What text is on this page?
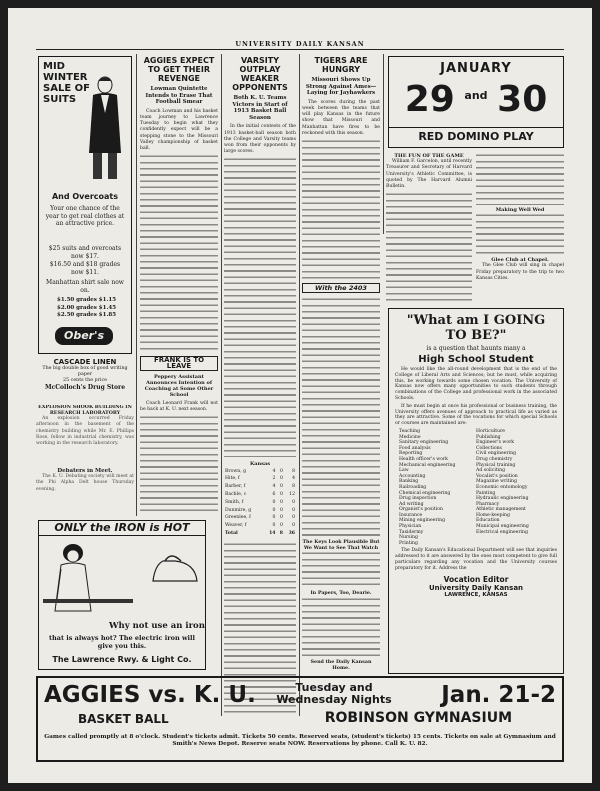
UNIVERSITY DAILY KANSAN
MID WINTER SALE OF SUITS
And Overcoats
Your one chance of the year to get real clothes at an attractive price.
$25 suits and overcoats now $17.
$16.50 and $18 grades now $11.
Manhattan shirt sale now on.
$1.50 grades $1.15
$2.00 grades $1.45
$2.50 grades $1.85
Ober's
CASCADE LINEN
The big double box of good writing paper
25 cents the price
McColloch's Drug Store
EXPLOSION SHOOK BUILDING IN RESEARCH LABORATORY

An explosion occurred Friday afternoon in the basement of the chemistry building while Mr. E. Phillips Rose, fellow in industrial chemistry, was working in the research laboratory.

Debaters in Meet.

The K. U. Debating society will meet at the Phi Alpha Delt house Thursday evening.

ONLY the IRON is HOT
Why not use an iron
that is always hot? The electric iron will give you this.
The Lawrence Rwy. & Light Co.
AGGIES EXPECT TO GET THEIR REVENGE
Lowman Quintette Intends to Erase That Football Smear

Coach Lowman and his basket team journey to Lawrence Tuesday to begin what they confidently expect will be a stepping stone to the Missouri Valley championship of basket ball.

FRANK IS TO LEAVE
Peppery Assistant Announces Intention of Coaching at Some Other School

Coach Leonard Frank will not be back at K. U. next season.

VARSITY OUTPLAY WEAKER OPPONENTS
Both K. U. Teams Victors in Start of 1913 Basket Ball Season

In the initial contests of the 1913 basket-ball season both the College and Varsity teams won from their opponents by large scores.

Kansas
Brown, g	4	0	8
Hite, f	2	0	4
Barber, f	4	0	8
Bachle, c	6	0	12
Smith, f	0	0	0
Dunmire, g	0	0	0
Greenlee, f	0	0	0
Weaver, f	0	0	0
Total	14	8	36
TIGERS ARE HUNGRY
Missouri Shows Up Strong Against Ames—Laying for Jayhawkers

The scores during the past week between the teams that will play Kansas in the future show that Missouri and Manhattan have fires to be reckoned with this season.

With the 2403
The Keys Look Plausible But We Want to See That Watch
In Papers, Too, Dearie.
Send the Daily Kansan Home.
JANUARY
29 $^{and}$ 30
RED DOMINO PLAY
THE FUN OF THE GAME

William F. Garcelon, until recently Treasurer and Secretary of Harvard University's Athletic Committee, is quoted by The Harvard Alumni Bulletin.

Making Well Wed
Glee Club at Chapel.

The Glee Club will sing in chapel Friday preparatory to the trip to two Kansas Cities.

"What am I GOING TO BE?"
is a question that haunts many a
High School Student
He would like the all-round development that is the end of the College of Liberal Arts and Sciences; but he must, while acquiring this, be working towards some chosen vocation. The University of Kansas now offers many opportunities to such students through combinations of the College and professional work in the associated Schools.
If he must begin at once his professional or business training, the University offers avenues of approach to practical life as varied as they are attractive. Some of the vocations for which special Schools or courses are maintained are:
Teaching
Medicine
Sanitary engineering
Food analysis
Reporting
Health officer's work
Mechanical engineering
Law
Accounting
Banking
Railroading
Chemical engineering
Drug inspection
Ad writing
Organist's position
Insurance
Mining engineering
Physician
Taxidermy
Nursing
Printing
Horticulture
Publishing
Engineer's work
Collections
Civil engineering
Drug chemistry
Physical training
Ad soliciting
Vocalist's position
Magazine writing
Economic entomology
Painting
Hydraulic engineering
Pharmacy
Athletic management
Home-keeping
Education
Municipal engineering
Electrical engineering
The Daily Kansan's Educational Department will see that inquiries addressed to it are answered by the ones most competent to give full particulars regarding any vocation and the University courses preparatory for it. Address the
Vocation Editor
University Daily Kansan
LAWRENCE, KANSAS
AGGIES vs. K. U.	Tuesday and Wednesday Nights	Jan. 21-2
BASKET BALL	ROBINSON GYMNASIUM
Games called promptly at 8 o'clock. Student's tickets admit. Tickets 50 cents. Reserved seats, (student's tickets) 15 cents. Tickets on sale at Gymnasium and Smith's News Depot. Reserve seats NOW. Reservations by phone. Call K. U. 82.
